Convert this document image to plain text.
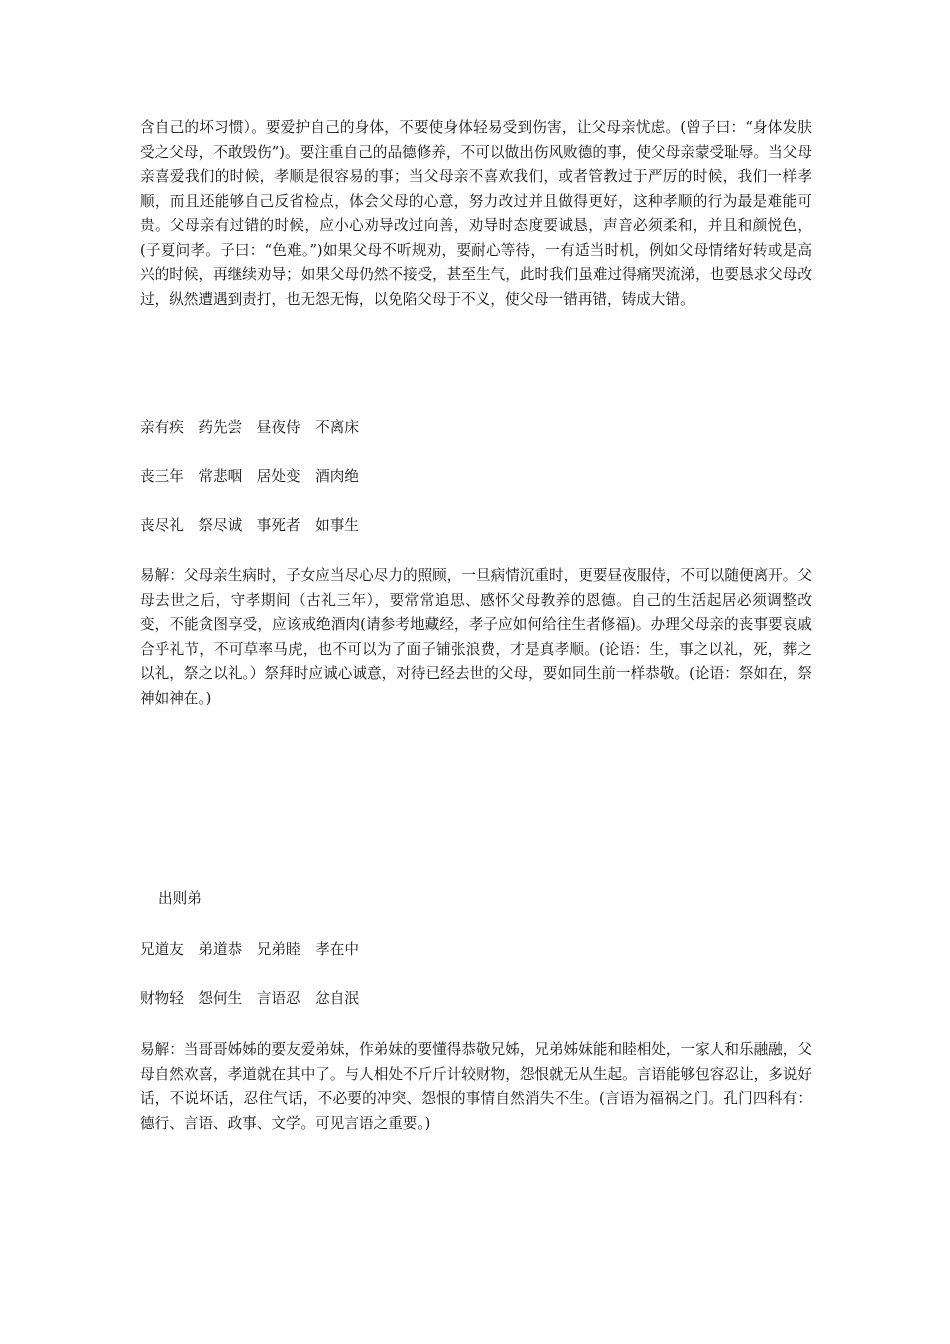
含自己的坏习惯）。要爱护自己的身体，不要使身体轻易受到伤害，让父母亲忧虑。(曾子曰：“身体发肤受之父母，不敢毁伤”)。要注重自己的品德修养，不可以做出伤风败德的事，使父母亲蒙受耻辱。当父母亲喜爱我们的时候，孝顺是很容易的事；当父母亲不喜欢我们，或者管教过于严厉的时候，我们一样孝顺，而且还能够自己反省检点，体会父母的心意，努力改过并且做得更好，这种孝顺的行为最是难能可贵。父母亲有过错的时候，应小心劝导改过向善，劝导时态度要诚恳，声音必须柔和，并且和颜悦色，(子夏问孝。子曰：“色难。”)如果父母不听规劝，要耐心等待，一有适当时机，例如父母情绪好转或是高兴的时候，再继续劝导；如果父母仍然不接受，甚至生气，此时我们虽难过得痛哭流涕，也要恳求父母改过，纵然遭遇到责打，也无怨无悔，以免陷父母于不义，使父母一错再错，铸成大错。

亲有疾　药先尝　昼夜侍　不离床

丧三年　常悲咽　居处变　酒肉绝

丧尽礼　祭尽诚　事死者　如事生

易解：父母亲生病时，子女应当尽心尽力的照顾，一旦病情沉重时，更要昼夜服侍，不可以随便离开。父母去世之后，守孝期间（古礼三年），要常常追思、感怀父母教养的恩德。自己的生活起居必须调整改变，不能贪图享受，应该戒绝酒肉(请参考地藏经，孝子应如何给往生者修福)。办理父母亲的丧事要哀戚合乎礼节，不可草率马虎，也不可以为了面子铺张浪费，才是真孝顺。(论语：生，事之以礼，死，葬之以礼，祭之以礼。）祭拜时应诚心诚意，对待已经去世的父母，要如同生前一样恭敬。(论语：祭如在，祭神如神在。)

出则弟

兄道友　弟道恭　兄弟睦　孝在中

财物轻　怨何生　言语忍　忿自泯

易解：当哥哥姊姊的要友爱弟妹，作弟妹的要懂得恭敬兄姊，兄弟姊妹能和睦相处，一家人和乐融融，父母自然欢喜，孝道就在其中了。与人相处不斤斤计较财物，怨恨就无从生起。言语能够包容忍让，多说好话，不说坏话，忍住气话，不必要的冲突、怨恨的事情自然消失不生。(言语为福祸之门。孔门四科有：德行、言语、政事、文学。可见言语之重要。)
